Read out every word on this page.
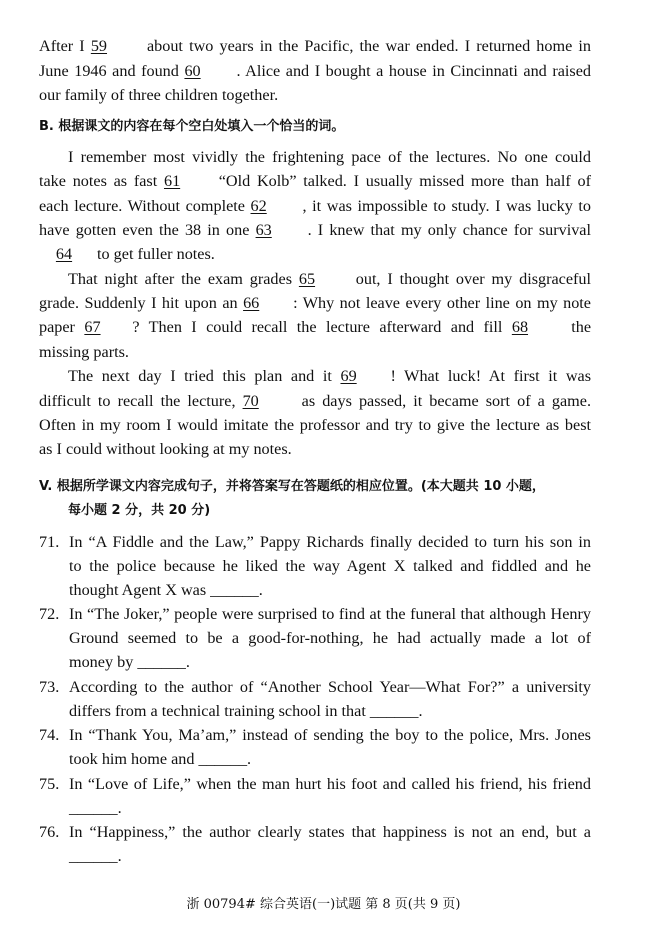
After I 59 about two years in the Pacific, the war ended. I returned home in
June 1946 and found 60 . Alice and I bought a house in Cincinnati and raised
our family of three children together.
B. 根据课文的内容在每个空白处填入一个恰当的词。
I remember most vividly the frightening pace of the lectures. No one could
take notes as fast 61 “Old Kolb” talked. I usually missed more than half of
each lecture. Without complete 62 , it was impossible to study. I was lucky to
have gotten even the 38 in one 63 . I knew that my only chance for survival
64 to get fuller notes.
That night after the exam grades 65	out, I thought over my disgraceful
grade. Suddenly I hit upon an 66 : Why not leave every other line on my note
paper 67 ? Then I could recall the lecture afterward and fill 68	the
missing parts.
The next day I tried this plan and it 69 ! What luck! At first it was
difficult to recall the lecture, 70	as days passed, it became sort of a game.
Often in my room I would imitate the professor and try to give the lecture as best
as I could without looking at my notes.
V. 根据所学课文内容完成句子，并将答案写在答题纸的相应位置。(本大题共 10 小题，
每小题 2 分，共 20 分)
71. In “A Fiddle and the Law,” Pappy Richards finally decided to turn his son in
to the police because he liked the way Agent X talked and fiddled and he
thought Agent X was ______.
72. In “The Joker,” people were surprised to find at the funeral that although Henry
Ground seemed to be a good-for-nothing, he had actually made a lot of
money by ______.
73. According to the author of “Another School Year—What For?” a university
differs from a technical training school in that ______.
74. In “Thank You, Ma’am,” instead of sending the boy to the police, Mrs. Jones
took him home and ______.
75. In “Love of Life,” when the man hurt his foot and called his friend, his friend
______.
76. In “Happiness,” the author clearly states that happiness is not an end, but a
______.
浙 00794# 综合英语(一)试题 第 8 页(共 9 页)
